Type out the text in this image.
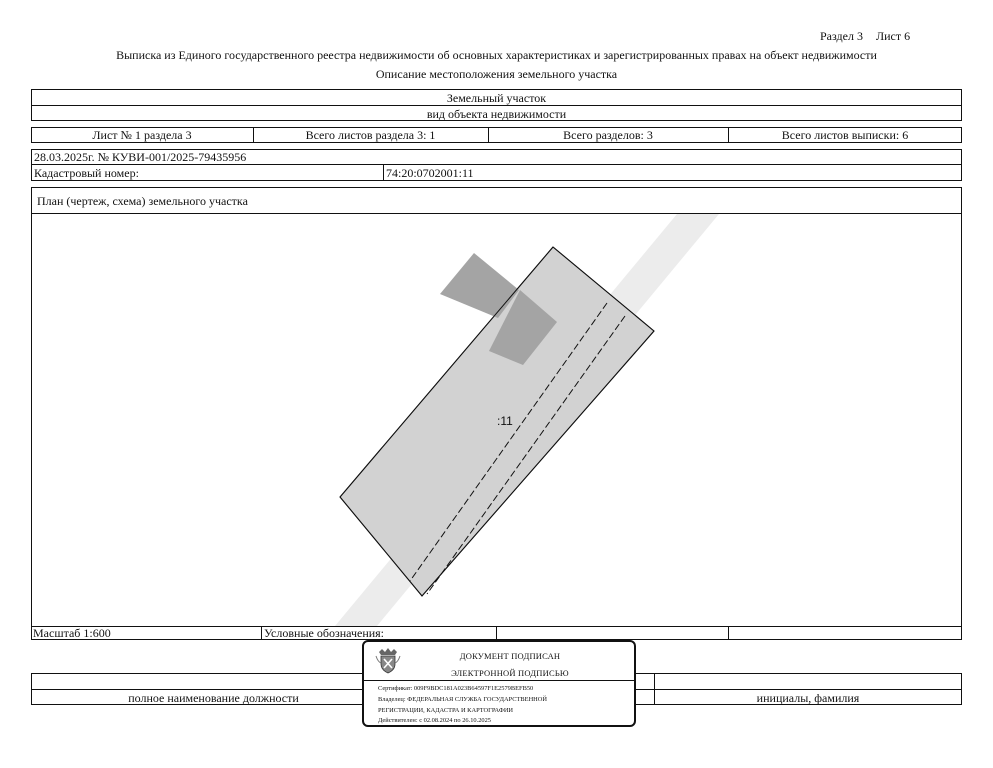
Раздел 3 Лист 6
Выписка из Единого государственного реестра недвижимости об основных характеристиках и зарегистрированных правах на объект недвижимости
Описание местоположения земельного участка
Земельный участок
вид объекта недвижимости
Лист № 1 раздела 3	Всего листов раздела 3: 1	Всего разделов: 3	Всего листов выписки: 6
28.03.2025г. № КУВИ-001/2025-79435956
Кадастровый номер:	74:20:0702001:11
План (чертеж, схема) земельного участка
:11
Масштаб 1:600	Условные обозначения:
полное наименование должности	инициалы, фамилия
ДОКУМЕНТ ПОДПИСАН
ЭЛЕКТРОННОЙ ПОДПИСЬЮ
Сертификат: 009F9BDC181A023B64597F1E2579BEFB50
Владелец: ФЕДЕРАЛЬНАЯ СЛУЖБА ГОСУДАРСТВЕННОЙ
РЕГИСТРАЦИИ, КАДАСТРА И КАРТОГРАФИИ
Действителен: с 02.08.2024 по 26.10.2025
